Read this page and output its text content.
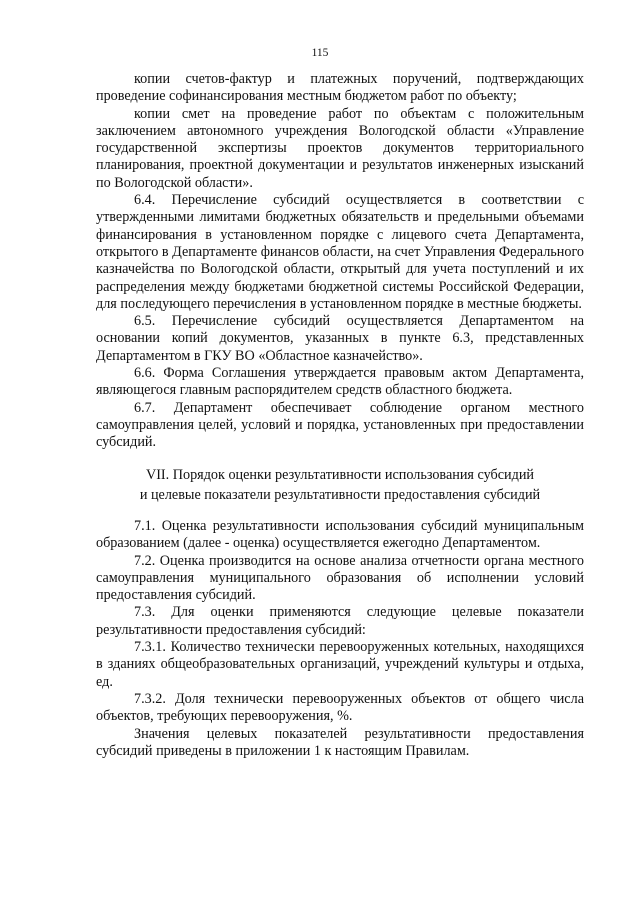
115

копии счетов-фактур и платежных поручений, подтверждающих проведение софинансирования местным бюджетом работ по объекту;

копии смет на проведение работ по объектам с положительным заключением автономного учреждения Вологодской области «Управление государственной экспертизы проектов документов территориального планирования, проектной документации и результатов инженерных изысканий по Вологодской области».

6.4. Перечисление субсидий осуществляется в соответствии с утвержденными лимитами бюджетных обязательств и предельными объемами финансирования в установленном порядке с лицевого счета Департамента, открытого в Департаменте финансов области, на счет Управления Федерального казначейства по Вологодской области, открытый для учета поступлений и их распределения между бюджетами бюджетной системы Российской Федерации, для последующего перечисления в установленном порядке в местные бюджеты.

6.5. Перечисление субсидий осуществляется Департаментом на основании копий документов, указанных в пункте 6.3, представленных Департаментом в ГКУ ВО «Областное казначейство».

6.6. Форма Соглашения утверждается правовым актом Департамента, являющегося главным распорядителем средств областного бюджета.

6.7. Департамент обеспечивает соблюдение органом местного самоуправления целей, условий и порядка, установленных при предоставлении субсидий.

VII. Порядок оценки результативности использования субсидий
и целевые показатели результативности предоставления субсидий

7.1. Оценка результативности использования субсидий муниципальным образованием (далее - оценка) осуществляется ежегодно Департаментом.

7.2. Оценка производится на основе анализа отчетности органа местного самоуправления муниципального образования об исполнении условий предоставления субсидий.

7.3. Для оценки применяются следующие целевые показатели результативности предоставления субсидий:

7.3.1. Количество технически перевооруженных котельных, находящихся в зданиях общеобразовательных организаций, учреждений культуры и отдыха, ед.

7.3.2. Доля технически перевооруженных объектов от общего числа объектов, требующих перевооружения, %.

Значения целевых показателей результативности предоставления субсидий приведены в приложении 1 к настоящим Правилам.
